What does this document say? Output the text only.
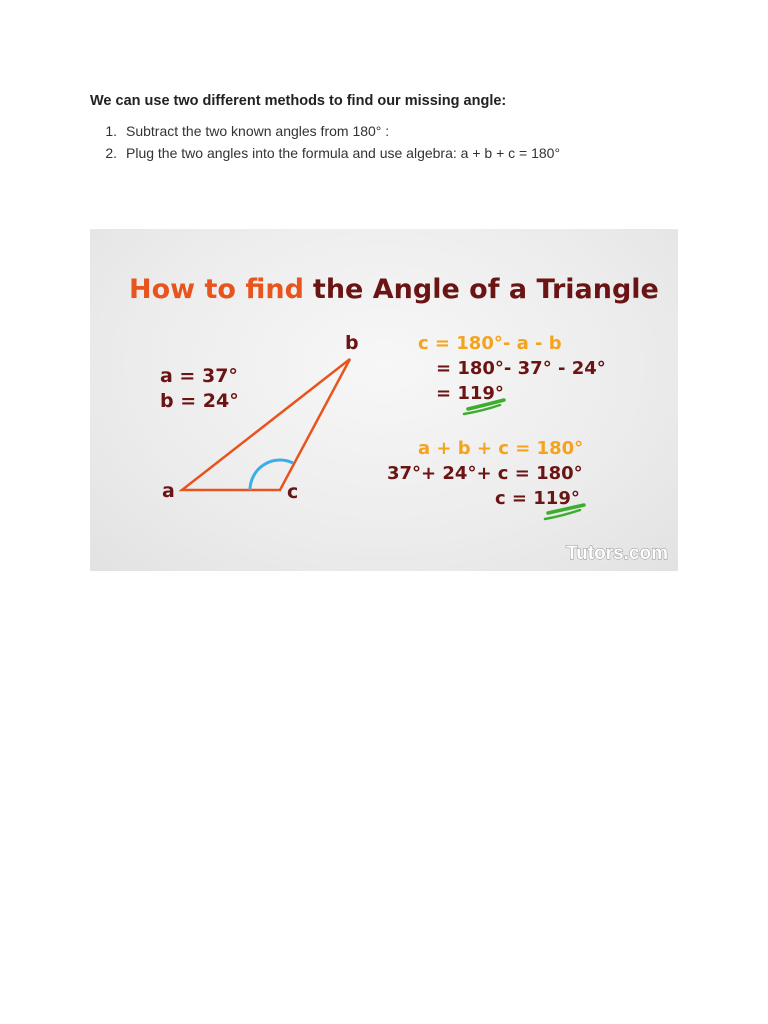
We can use two different methods to find our missing angle:

1. Subtract the two known angles from 180° :
2. Plug the two angles into the formula and use algebra: a + b + c = 180°
How to find the Angle of a Triangle
a = 37°
b = 24°
a
b
c
c = 180°- a - b
= 180°- 37° - 24°
= 119°
a + b + c = 180°
37°+ 24°+ c = 180°
c = 119°
Tutors.com
